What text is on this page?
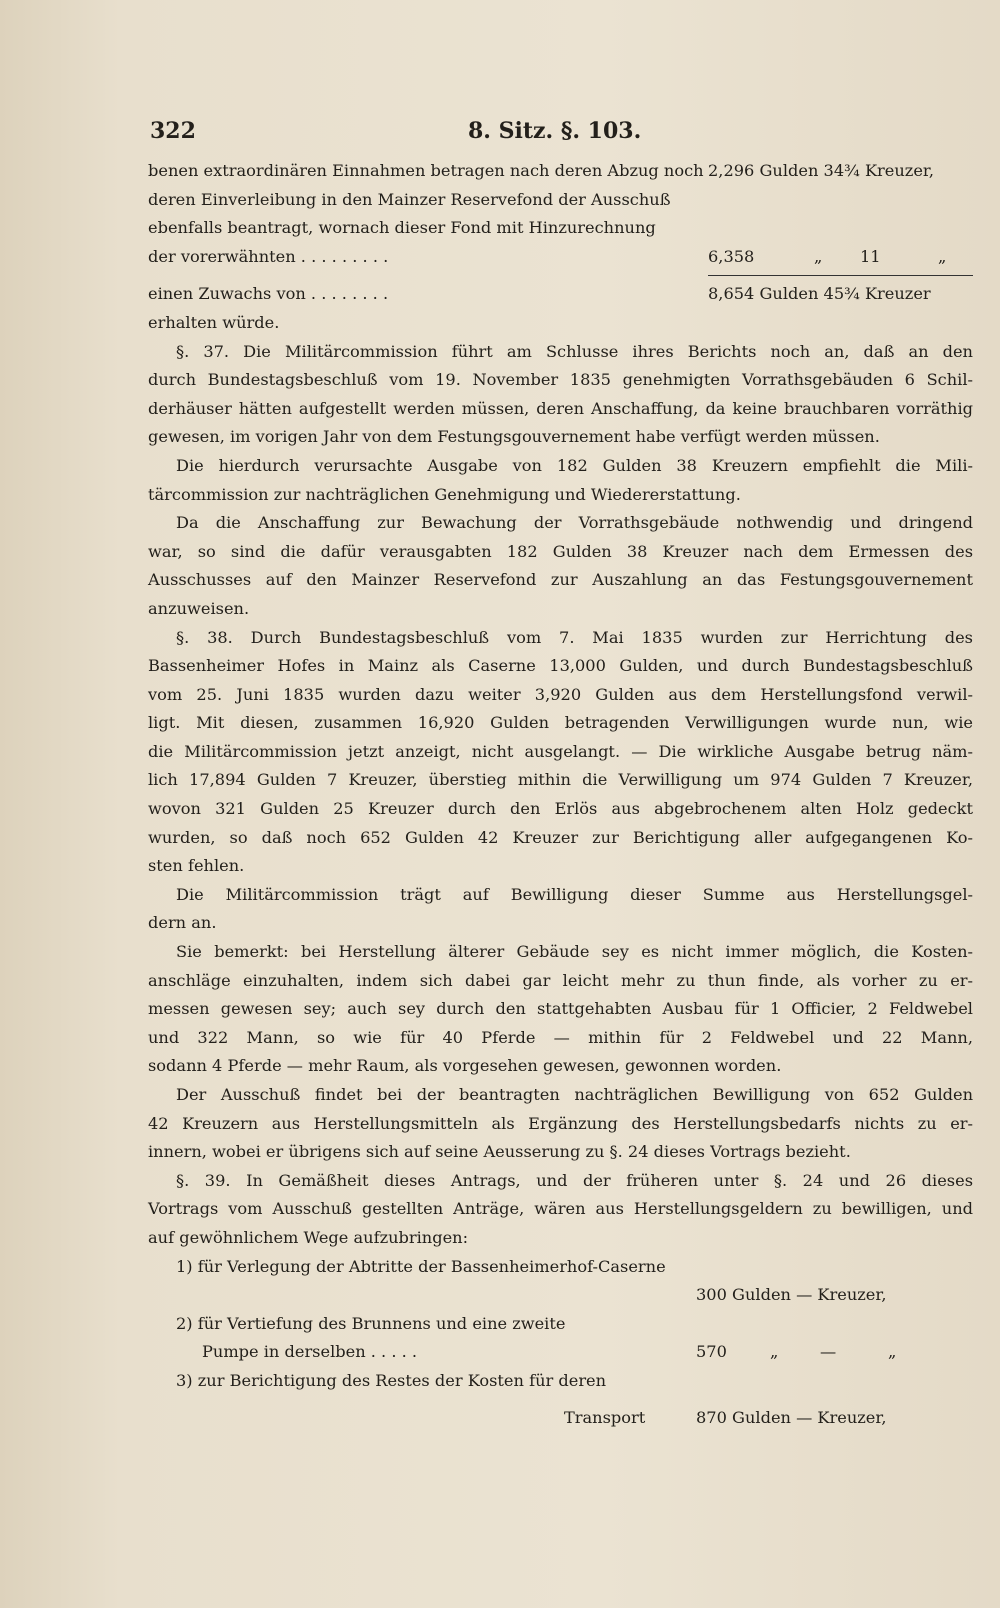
322	8. Sitz. §. 103.
benen extraordinären Einnahmen betragen nach deren Abzug noch 2,296 Gulden 34¾ Kreuzer,
deren Einverleibung in den Mainzer Reservefond der Ausschuß
ebenfalls beantragt, wornach dieser Fond mit Hinzurechnung
der vorerwähnten . . . . . . . . .	6,358	„ 11	„
einen Zuwachs von . . . . . . . .	8,654 Gulden 45¾ Kreuzer
erhalten würde.
§. 37. Die Militärcommission führt am Schlusse ihres Berichts noch an, daß an den
durch Bundestagsbeschluß vom 19. November 1835 genehmigten Vorrathsgebäuden 6 Schil-
derhäuser hätten aufgestellt werden müssen, deren Anschaffung, da keine brauchbaren vorräthig
gewesen, im vorigen Jahr von dem Festungsgouvernement habe verfügt werden müssen.
Die hierdurch verursachte Ausgabe von 182 Gulden 38 Kreuzern empfiehlt die Mili-
tärcommission zur nachträglichen Genehmigung und Wiedererstattung.
Da die Anschaffung zur Bewachung der Vorrathsgebäude nothwendig und dringend
war, so sind die dafür verausgabten 182 Gulden 38 Kreuzer nach dem Ermessen des
Ausschusses auf den Mainzer Reservefond zur Auszahlung an das Festungsgouvernement
anzuweisen.
§. 38. Durch Bundestagsbeschluß vom 7. Mai 1835 wurden zur Herrichtung des
Bassenheimer Hofes in Mainz als Caserne 13,000 Gulden, und durch Bundestagsbeschluß
vom 25. Juni 1835 wurden dazu weiter 3,920 Gulden aus dem Herstellungsfond verwil-
ligt. Mit diesen, zusammen 16,920 Gulden betragenden Verwilligungen wurde nun, wie
die Militärcommission jetzt anzeigt, nicht ausgelangt. — Die wirkliche Ausgabe betrug näm-
lich 17,894 Gulden 7 Kreuzer, überstieg mithin die Verwilligung um 974 Gulden 7 Kreuzer,
wovon 321 Gulden 25 Kreuzer durch den Erlös aus abgebrochenem alten Holz gedeckt
wurden, so daß noch 652 Gulden 42 Kreuzer zur Berichtigung aller aufgegangenen Ko-
sten fehlen.
Die Militärcommission trägt auf Bewilligung dieser Summe aus Herstellungsgel-
dern an.
Sie bemerkt: bei Herstellung älterer Gebäude sey es nicht immer möglich, die Kosten-
anschläge einzuhalten, indem sich dabei gar leicht mehr zu thun finde, als vorher zu er-
messen gewesen sey; auch sey durch den stattgehabten Ausbau für 1 Officier, 2 Feldwebel
und 322 Mann, so wie für 40 Pferde — mithin für 2 Feldwebel und 22 Mann,
sodann 4 Pferde — mehr Raum, als vorgesehen gewesen, gewonnen worden.
Der Ausschuß findet bei der beantragten nachträglichen Bewilligung von 652 Gulden
42 Kreuzern aus Herstellungsmitteln als Ergänzung des Herstellungsbedarfs nichts zu er-
innern, wobei er übrigens sich auf seine Aeusserung zu §. 24 dieses Vortrags bezieht.
§. 39. In Gemäßheit dieses Antrags, und der früheren unter §. 24 und 26 dieses
Vortrags vom Ausschuß gestellten Anträge, wären aus Herstellungsgeldern zu bewilligen, und
auf gewöhnlichem Wege aufzubringen:
1) für Verlegung der Abtritte der Bassenheimerhof-Caserne
300 Gulden — Kreuzer,
2) für Vertiefung des Brunnens und eine zweite
Pumpe in derselben . . . . .	570	„	—	„
3) zur Berichtigung des Restes der Kosten für deren
Transport	870 Gulden — Kreuzer,
